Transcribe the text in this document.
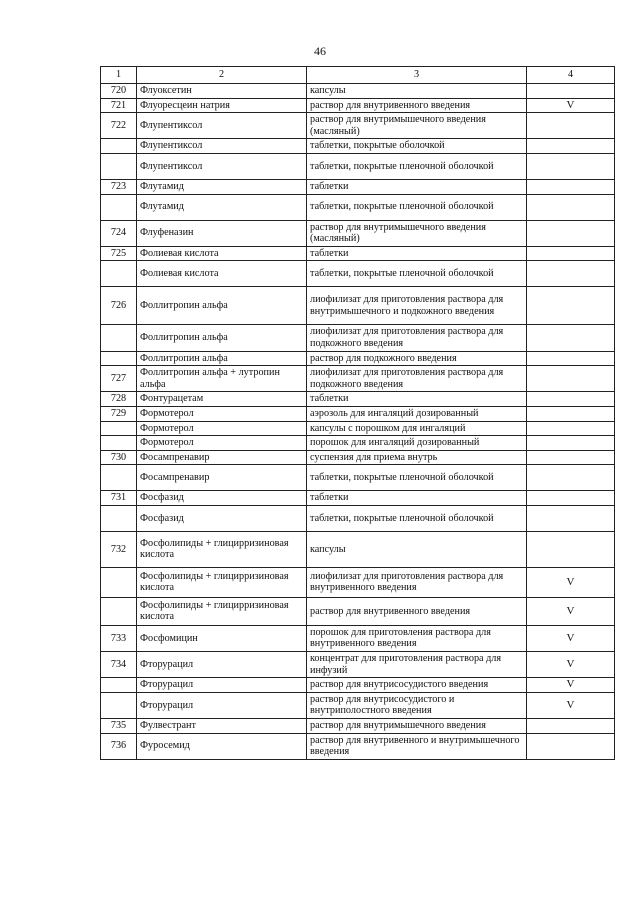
46
1	2	3	4
720	Флуоксетин	капсулы	
721	Флуоресцеин натрия	раствор для внутривенного введения	V
722	Флупентиксол	раствор для внутримышечного введения (масляный)	
	Флупентиксол	таблетки, покрытые оболочкой	
	Флупентиксол	таблетки, покрытые пленочной оболочкой	
723	Флутамид	таблетки	
	Флутамид	таблетки, покрытые пленочной оболочкой	
724	Флуфеназин	раствор для внутримышечного введения (масляный)	
725	Фолиевая кислота	таблетки	
	Фолиевая кислота	таблетки, покрытые пленочной оболочкой	
726	Фоллитропин альфа	лиофилизат для приготовления раствора для внутримышечного и подкожного введения	
	Фоллитропин альфа	лиофилизат для приготовления раствора для подкожного введения	
	Фоллитропин альфа	раствор для подкожного введения	
727	Фоллитропин альфа + лутропин альфа	лиофилизат для приготовления раствора для подкожного введения	
728	Фонтурацетам	таблетки	
729	Формотерол	аэрозоль для ингаляций дозированный	
	Формотерол	капсулы с порошком для ингаляций	
	Формотерол	порошок для ингаляций дозированный	
730	Фосампренавир	суспензия для приема внутрь	
	Фосампренавир	таблетки, покрытые пленочной оболочкой	
731	Фосфазид	таблетки	
	Фосфазид	таблетки, покрытые пленочной оболочкой	
732	Фосфолипиды + глицирризиновая кислота	капсулы	
	Фосфолипиды + глицирризиновая кислота	лиофилизат для приготовления раствора для внутривенного введения	V
	Фосфолипиды + глицирризиновая кислота	раствор для внутривенного введения	V
733	Фосфомицин	порошок для приготовления раствора для внутривенного введения	V
734	Фторурацил	концентрат для приготовления раствора для инфузий	V
	Фторурацил	раствор для внутрисосудистого введения	V
	Фторурацил	раствор для внутрисосудистого и внутриполостного введения	V
735	Фулвестрант	раствор для внутримышечного введения	
736	Фуросемид	раствор для внутривенного и внутримышечного введения	
